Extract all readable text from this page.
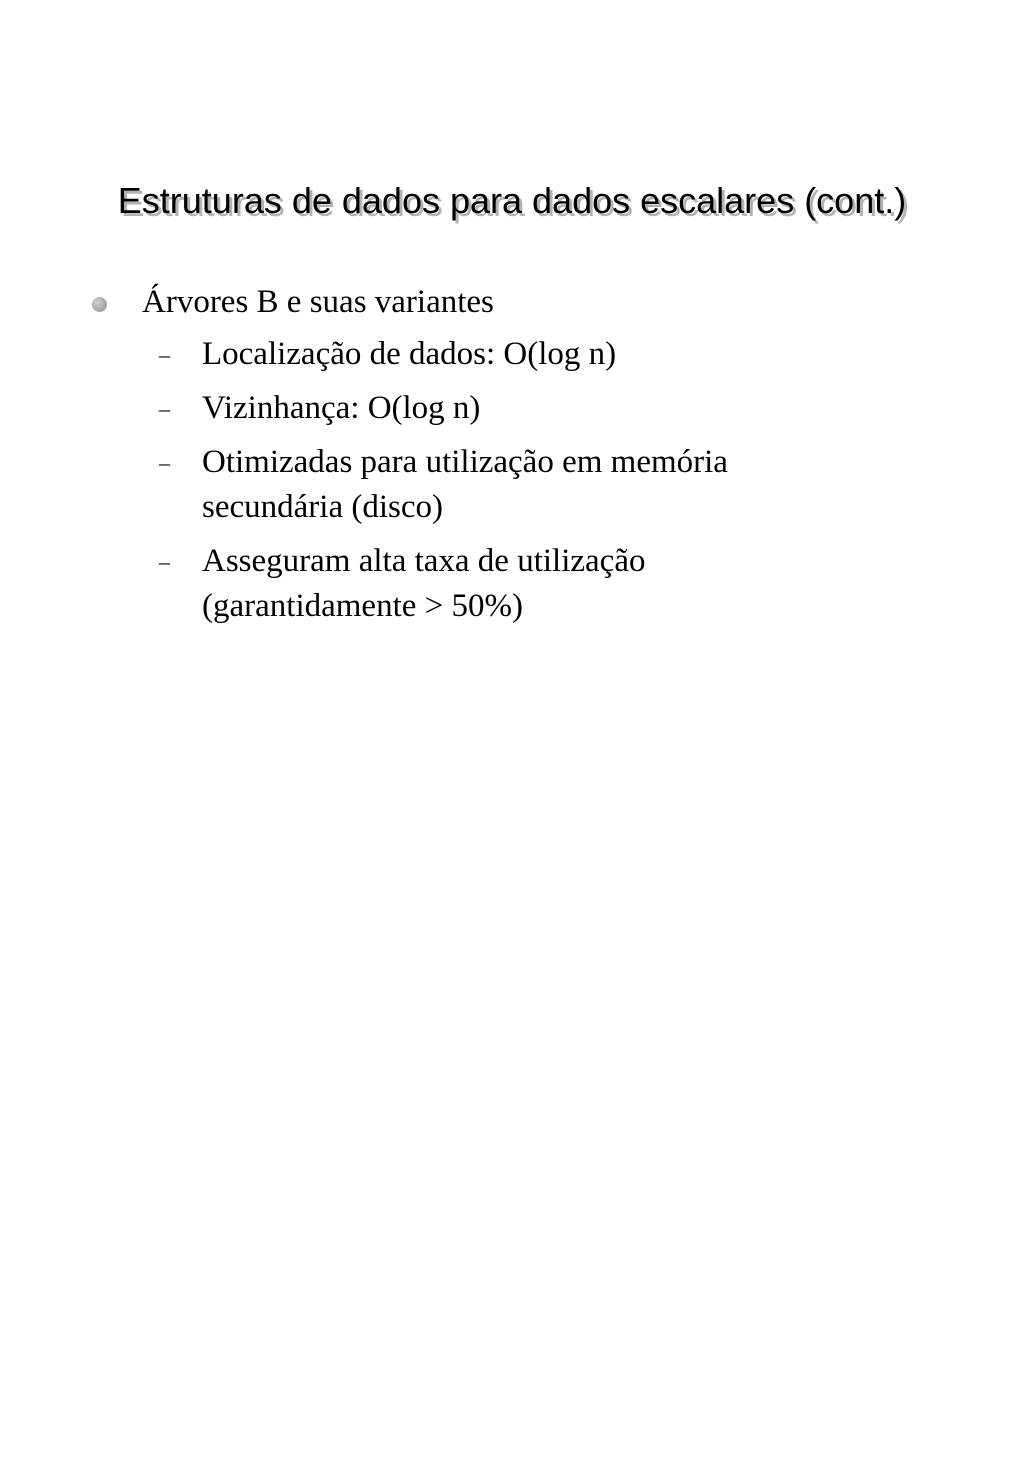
Estruturas de dados para dados escalares (cont.)
Árvores B e suas variantes
– Localização de dados: O(log n)
– Vizinhança: O(log n)
– Otimizadas para utilização em memória secundária (disco)
– Asseguram alta taxa de utilização (garantidamente > 50%)
